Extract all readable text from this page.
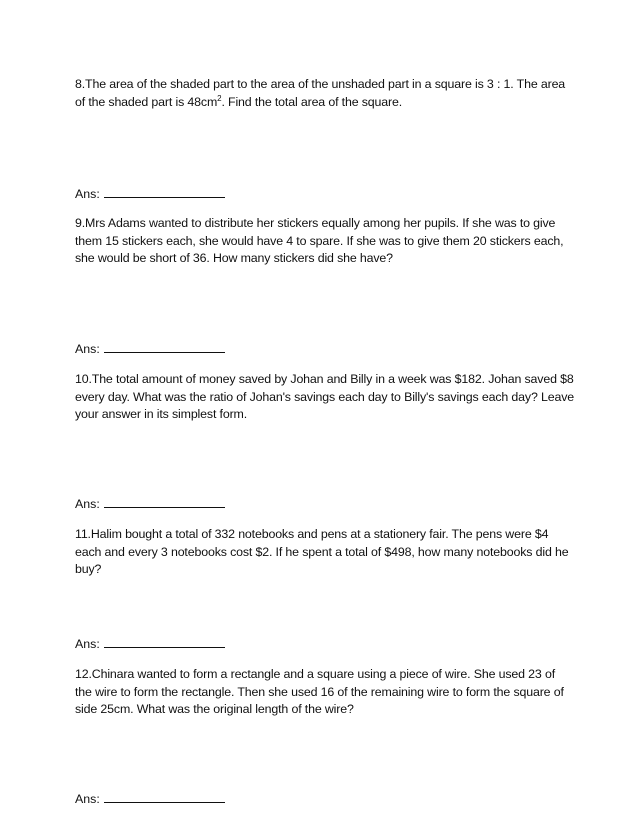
8.The area of the shaded part to the area of the unshaded part in a square is 3 : 1. The area of the shaded part is $48cm^2$. Find the total area of the square.

Ans:

9.Mrs Adams wanted to distribute her stickers equally among her pupils. If she was to give them 15 stickers each, she would have 4 to spare. If she was to give them 20 stickers each, she would be short of 36. How many stickers did she have?

Ans:

10.The total amount of money saved by Johan and Billy in a week was $182. Johan saved $8 every day. What was the ratio of Johan's savings each day to Billy's savings each day? Leave your answer in its simplest form.

Ans:

11.Halim bought a total of 332 notebooks and pens at a stationery fair. The pens were $4 each and every 3 notebooks cost $2. If he spent a total of $498, how many notebooks did he buy?

Ans:

12.Chinara wanted to form a rectangle and a square using a piece of wire. She used 23 of the wire to form the rectangle. Then she used 16 of the remaining wire to form the square of side 25cm. What was the original length of the wire?

Ans:
